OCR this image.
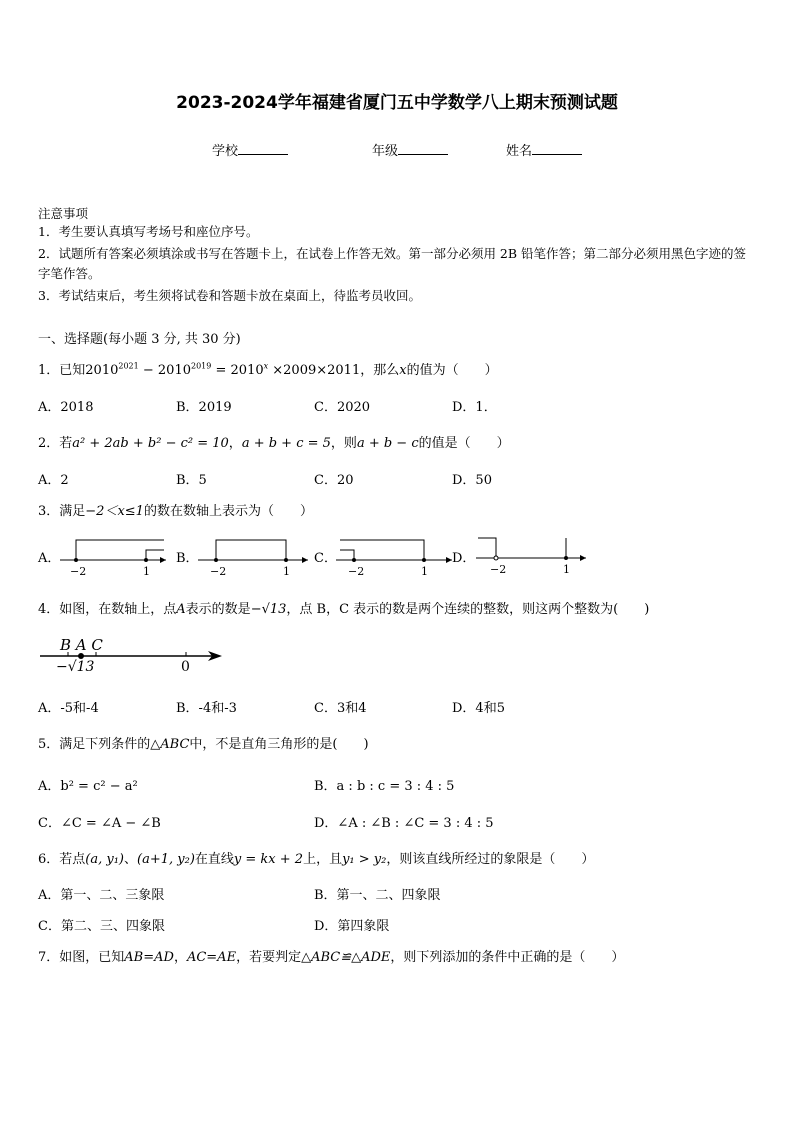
2023-2024学年福建省厦门五中学数学八上期末预测试题
学校	年级	姓名
注意事项
1．考生要认真填写考场号和座位序号。
2．试题所有答案必须填涂或书写在答题卡上，在试卷上作答无效。第一部分必须用 2B 铅笔作答；第二部分必须用黑色字迹的签字笔作答。
3．考试结束后，考生须将试卷和答题卡放在桌面上，待监考员收回。
一、选择题(每小题 3 分, 共 30 分)
1．已知$2010^{2021} - 2010^{2019} = 2010^x \times 2009\times 2011$，那么x的值为（　　）
A．2018	B．2019	C．2020	D．1．
2．若a² + 2ab + b² − c² = 10，a + b + c = 5，则a + b − c的值是（　　）
A．2	B．5	C．20	D．50
3．满足−2＜x≤1的数在数轴上表示为（　　）
A．
−2	1
B．
−2	1
C．
−2	1
D．
−2	1
4．如图，在数轴上，点A表示的数是−√13，点 B，C 表示的数是两个连续的整数，则这两个整数为(　　)
B A C
−√13	0
A．-5和-4	B．-4和-3	C．3和4	D．4和5
5．满足下列条件的△ABC中，不是直角三角形的是(　　)
A．b² = c² − a²	B．a : b : c = 3 : 4 : 5
C．∠C = ∠A − ∠B	D．∠A : ∠B : ∠C = 3 : 4 : 5
6．若点(a, y₁)、(a+1, y₂)在直线y = kx + 2上，且y₁ > y₂，则该直线所经过的象限是（　　）
A．第一、二、三象限	B．第一、二、四象限
C．第二、三、四象限	D．第四象限
7．如图，已知AB=AD，AC=AE，若要判定△ABC≌△ADE，则下列添加的条件中正确的是（　　）
